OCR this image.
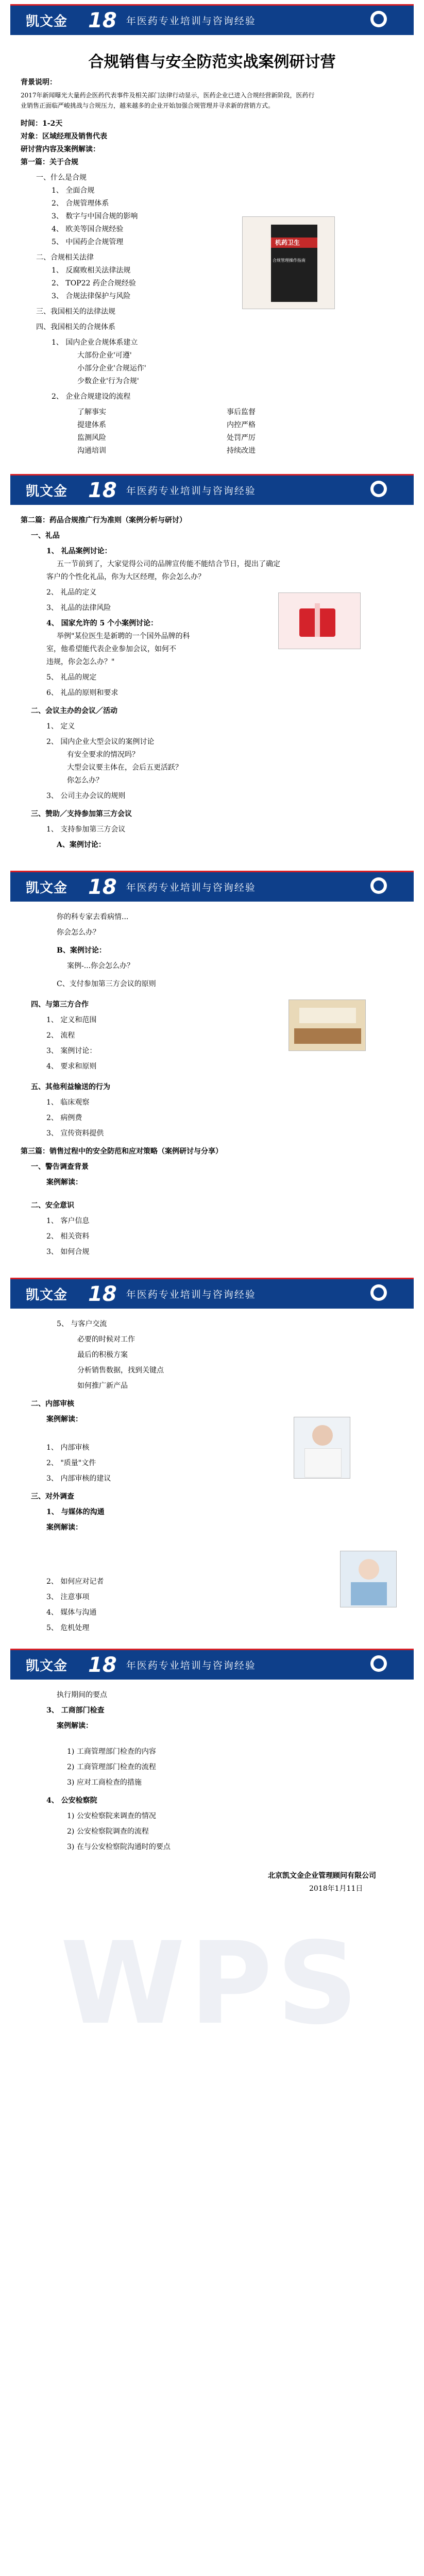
凯文金 18 年医药专业培训与咨询经验
合规销售与安全防范实战案例研讨营
背景说明：
2017年新闻曝光大量药企医药代表事件及相关部门法律行动显示，医药企业已进入合规经营新阶段，医药行
业销售正面临严峻挑战与合规压力，越来越多的企业开始加强合规管理并寻求新的营销方式。
时间：1-2天
对象：区域经理及销售代表
研讨营内容及案例解读：
第一篇：关于合规
一、什么是合规
1、 全面合规
2、 合规管理体系
3、 数字与中国合规的影响
4、 欧美等国合规经验
5、 中国药企合规管理
二、合规相关法律
1、 反腐败相关法律法规
2、 TOP22 药企合规经验
3、 合规法律保护与风险
三、我国相关的法律法规
四、我国相关的合规体系
1、 国内企业合规体系建立
大部份企业'可遵'
小部分企业'合规运作'
少数企业'行为合规'
2、 企业合规建设的流程
了解事实
提建体系
监测风险
沟通培训
事后监督
内控严格
处罚严厉
持续改进
机药卫生
合规管理操作指南
凯文金 18 年医药专业培训与咨询经验
第二篇：药品合规推广行为准则（案例分析与研讨）
一、礼品
1、 礼品案例讨论：
五一节前到了，大家觉得公司的品牌宣传能不能结合节日，提出了确定
客户的个性化礼品，你为大区经理，你会怎么办？
2、 礼品的定义
3、 礼品的法律风险
4、 国家允许的 5 个小案例讨论：
举例"某位医生是新聘的一个国外品牌的科
室，他希望能代表企业参加会议，如何不
违规，你会怎么办？"
5、 礼品的规定
6、 礼品的原则和要求
二、会议主办的会议／活动
1、 定义
2、 国内企业大型会议的案例讨论
有安全要求的情况吗？
大型会议要主体在，会后五更活跃？
你怎么办？
3、 公司主办会议的规则
三、赞助／支持参加第三方会议
1、 支持参加第三方会议
A、案例讨论：
凯文金 18 年医药专业培训与咨询经验
你的科专家去看病情...
你会怎么办？
B、案例讨论：
案例-...你会怎么办？
C、支付参加第三方会议的原则
四、与第三方合作
1、 定义和范围
2、 流程
3、 案例讨论：
4、 要求和原则
五、其他利益输送的行为
1、 临床观察
2、 病例费
3、 宣传资料提供
第三篇：销售过程中的安全防范和应对策略（案例研讨与分享）
一、警告调查背景
案例解读：
二、安全意识
1、 客户信息
2、 相关资料
3、 如何合规
凯文金 18 年医药专业培训与咨询经验
5、 与客户交流
必要的时候对工作
最后的积极方案
分析销售数据，找到关键点
如何推广新产品
二、内部审核
案例解读：
1、 内部审核
2、 "质量"文件
3、 内部审核的建议
三、对外调查
1、 与媒体的沟通
案例解读：
2、 如何应对记者
3、 注意事项
4、 媒体与沟通
5、 危机处理
凯文金 18 年医药专业培训与咨询经验
执行期间的要点
3、 工商部门检查
案例解读：
1) 工商管理部门检查的内容
2) 工商管理部门检查的流程
3) 应对工商检查的措施
4、 公安检察院
1) 公安检察院来调查的情况
2) 公安检察院调查的流程
3) 在与公安检察院沟通时的要点
北京凯文金企业管理顾问有限公司
2018年1月11日
WPS
